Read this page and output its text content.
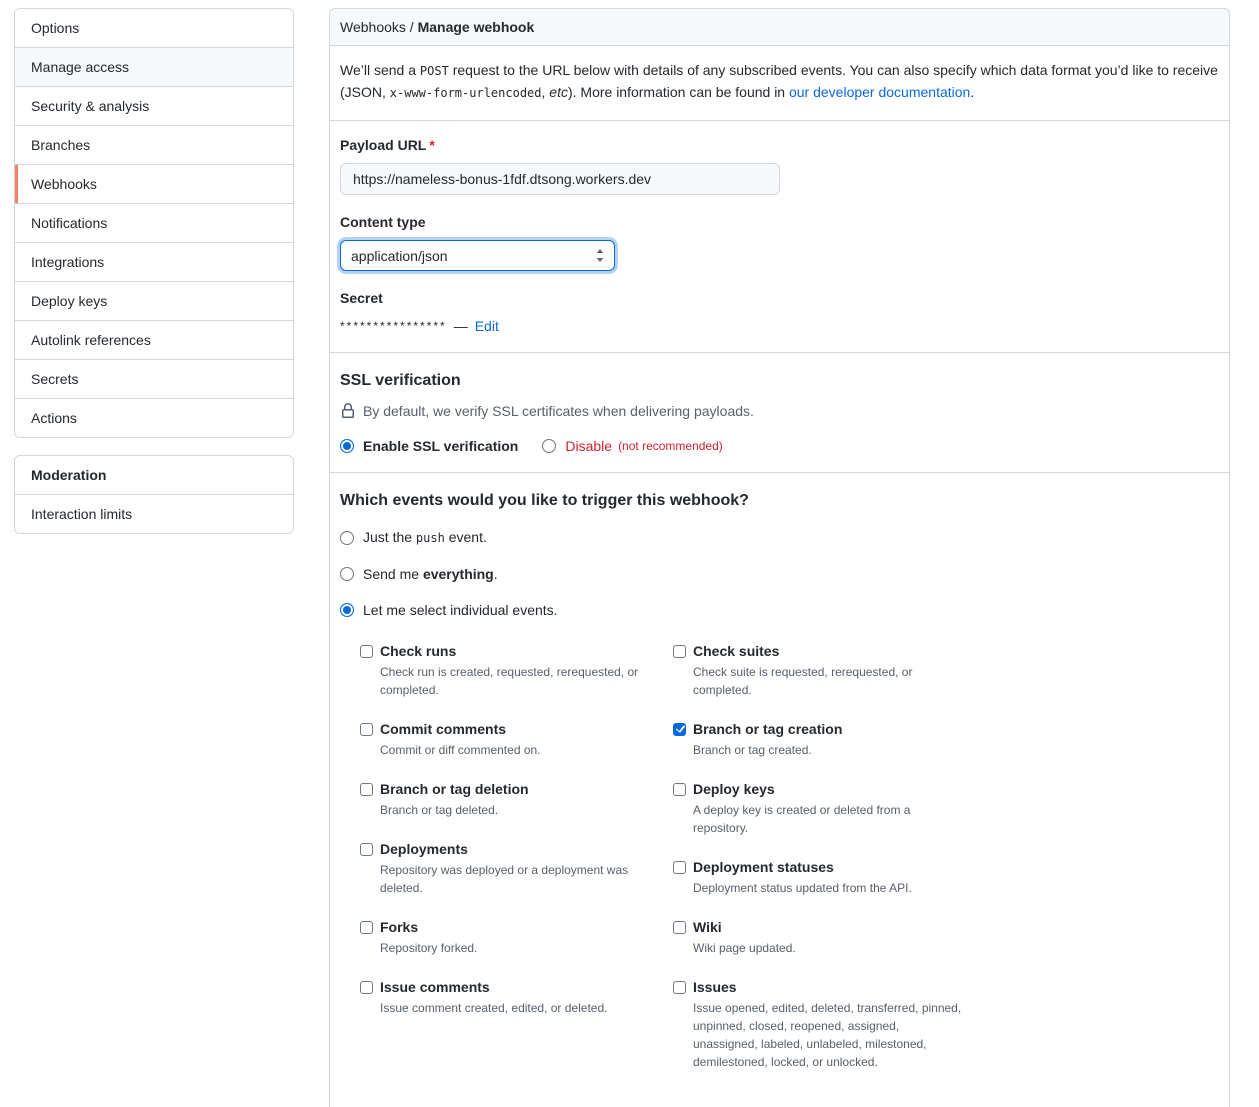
Options
Manage access
Security & analysis
Branches
Webhooks
Notifications
Integrations
Deploy keys
Autolink references
Secrets
Actions
Moderation
Interaction limits
Webhooks / Manage webhook

We’ll send a POST request to the URL below with details of any subscribed events. You can also specify which data format you’d like to receive (JSON, x-www-form-urlencoded, etc). More information can be found in our developer documentation.

Payload URL *
https://nameless-bonus-1fdf.dtsong.workers.dev
Content type
application/json
Secret
**************** — Edit
SSL verification
By default, we verify SSL certificates when delivering payloads.
Enable SSL verification	Disable (not recommended)
Which events would you like to trigger this webhook?
Just the push event.
Send me everything.
Let me select individual events.
Check runs

Check run is created, requested, rerequested, or completed.

Commit comments

Commit or diff commented on.

Branch or tag deletion

Branch or tag deleted.

Deployments

Repository was deployed or a deployment was deleted.

Forks

Repository forked.

Issue comments

Issue comment created, edited, or deleted.

Check suites

Check suite is requested, rerequested, or completed.

Branch or tag creation

Branch or tag created.

Deploy keys

A deploy key is created or deleted from a repository.

Deployment statuses

Deployment status updated from the API.

Wiki

Wiki page updated.

Issues

Issue opened, edited, deleted, transferred, pinned, unpinned, closed, reopened, assigned, unassigned, labeled, unlabeled, milestoned, demilestoned, locked, or unlocked.
